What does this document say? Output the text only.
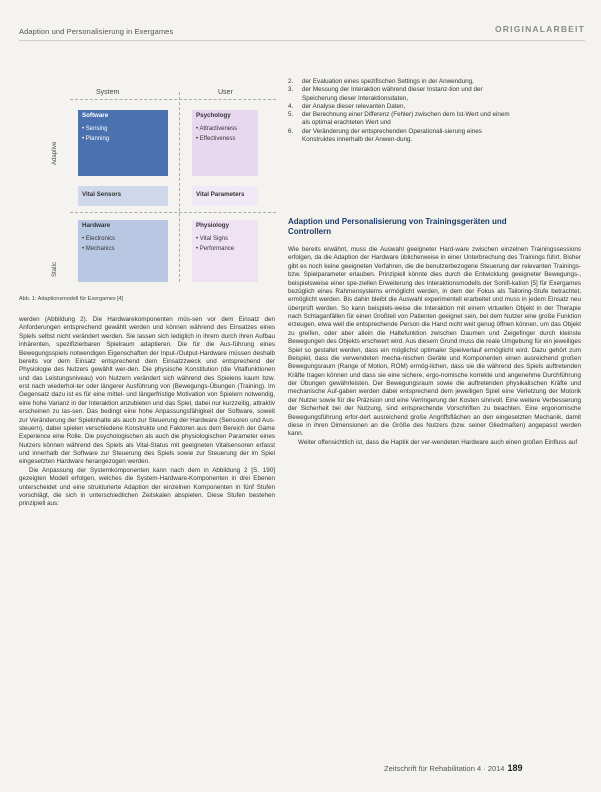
Adaption und Personalisierung in Exergames	ORIGINALARBEIT
System	User
Adaptive
Static
Software
• Sensing
• Planning
Psychology
• Attractiveness
• Effectiveness
Vital Sensors	Vital Parameters
Hardware
• Electronics
• Mechanics
Physiology
• Vital Signs
• Performance
Abb. 1: Adaptionsmodell für Exergames [4]

werden (Abbildung 2). Die Hardwarekomponenten müs-sen vor dem Einsatz den Anforderungen entsprechend gewählt werden und können während des Einsatzes eines Spiels selbst nicht verändert werden. Sie lassen sich lediglich in ihrem durch ihren Aufbau inhärenten, spezifizierbaren Spielraum adaptieren. Die für die Aus-führung eines Bewegungsspiels notwendigen Eigenschaften der Input-/Output-Hardware müssen deshalb bereits vor dem Einsatz entsprechend dem Einsatzzweck und entsprechend der Physiologie des Nutzers gewählt wer-den. Die physische Konstitution (die Vitalfunktionen und das Leistungsniveau) von Nutzern verändert sich während des Spielens kaum bzw. erst nach wiederhol-ter oder längerer Ausführung von (Bewegungs-Übungen (Training). Im Gegensatz dazu ist es für eine mittel- und längerfristige Motivation von Spielern notwendig, eine hohe Varianz in der Interaktion anzubieten und das Spiel, dabei nur kurzzeitig, attraktiv erscheinen zu las-sen. Das bedingt eine hohe Anpassungsfähigkeit der Software, soweit zur Veränderung der Spielinhalte als auch zur Steuerung der Hardware (Sensoren und Aus-steuern), dabei spielen verschiedene Konstrukte und Faktoren aus dem Bereich der Game Experience eine Rolle. Die psychologischen als auch die physiologischen Parameter eines Nutzers können während des Spiels als Vital-Status mit geeigneten Vitalsensoren erfasst und innerhalb der Software zur Steuerung des Spiels sowie zur Steuerung der im Spiel eingesetzten Hardware herangezogen werden.

Die Anpassung der Systemkomponenten kann nach dem in Abbildung 2 [S. 190] gezeigten Modell erfolgen, welches die System-Hardware-Komponenten in drei Ebenen unterscheidet und eine strukturierte Adaption der einzelnen Komponenten in fünf Stufen vorschlägt, die sich in unterschiedlichen Zeitskalen abspielen. Diese Stufen bestehen prinzipiell aus:

2. der Evaluation eines spezifischen Settings in der Anwendung,
3. der Messung der Interaktion während dieser Instanz-tion und der Speicherung dieser Interaktionsdaten,
4. der Analyse dieser relevanten Daten,
5. der Berechnung einer Differenz (Fehler) zwischen dem Ist-Wert und einem als optimal erachteten Wert und
6. der Veränderung der entsprechenden Operationali-sierung eines Konstruktes innerhalb der Anwen-dung.
Adaption und Personalisierung von Trainingsgeräten und Controllern

Wie bereits erwähnt, muss die Auswahl geeigneter Hard-ware zwischen einzelnen Trainingssessions erfolgen, da die Adaption der Hardware üblicherweise in einer Unterbrechung des Trainings führt. Bisher gibt es noch keine geeigneten Verfahren, die die benutzerbezogene Steuerung der relevanten Trainings- bzw. Spielparameter erlauben. Prinzipiell könnte dies durch die Entwicklung geeigneter Bewegungs-, beispielsweise einer spe-ziellen Erweiterung des Interaktionsmodells der Sonifi-kation [5] für Exergames bezüglich eines Rahmensystems ermöglicht werden, in dem der Fokus als Tailoring-Stufe betrachtet, ermöglicht werden. Bis dahin bleibt die Auswahl experimentell erarbeitet und muss in jedem Einsatz neu überprüft werden. So kann beispiels-weise die Interaktion mit einem virtuellen Objekt in der Therapie nach Schlaganfällen für einen Großteil von Patienten geeignet sein, bei dem Nutzer eine große Funktion erzeugen, etwa weil die entsprechende Person die Hand nicht weit genug öffnen können, um das Objekt zu greifen, oder aber allein die Haltefunktion zwischen Daumen und Zeigefinger durch kleinste Bewegungen des Objekts erschwert wird. Aus diesem Grund muss die reale Umgebung für ein jeweiliges Spiel so gestaltet werden, dass ein möglichst optimaler Spielverlauf ermöglicht wird. Dazu gehört zum Beispiel, dass die verwendeten mecha-nischen Geräte und Komponenten einen ausreichend großen Bewegungsraum (Range of Motion, ROM) ermög-lichen, dass sie die während des Spiels auftretenden Kräfte tragen können und dass sie eine sichere, ergo-nomische korrekte und angenehme Durchführung der Übungen gewährleisten. Der Bewegungsraum sowie die auftretenden physikalischen Kräfte und mechanische Auf-gaben werden dabei entsprechend dem jeweiligen Spiel eine Verletzung der Motorik der Nutzer sowie für die Präzision und eine Verringerung der Kosten sinnvoll. Eine weitere Verbesserung der Sicherheit bei der Nutzung, sind entsprechende Vorschriften zu beachten. Eine ergonomische Bewegungsführung erfor-dert ausreichend große Angriffsflächen an den eingesetzten Mechanik, damit diese in ihren Dimensionen an die Größe des Nutzers (bzw. seiner Gliedmaßen) angepasst werden kann.

Weiter offensichtlich ist, dass die Haptik der ver-wendeten Hardware auch einen großen Einfluss auf

Zeitschrift für Rehabilitation 4 · 2014 189
